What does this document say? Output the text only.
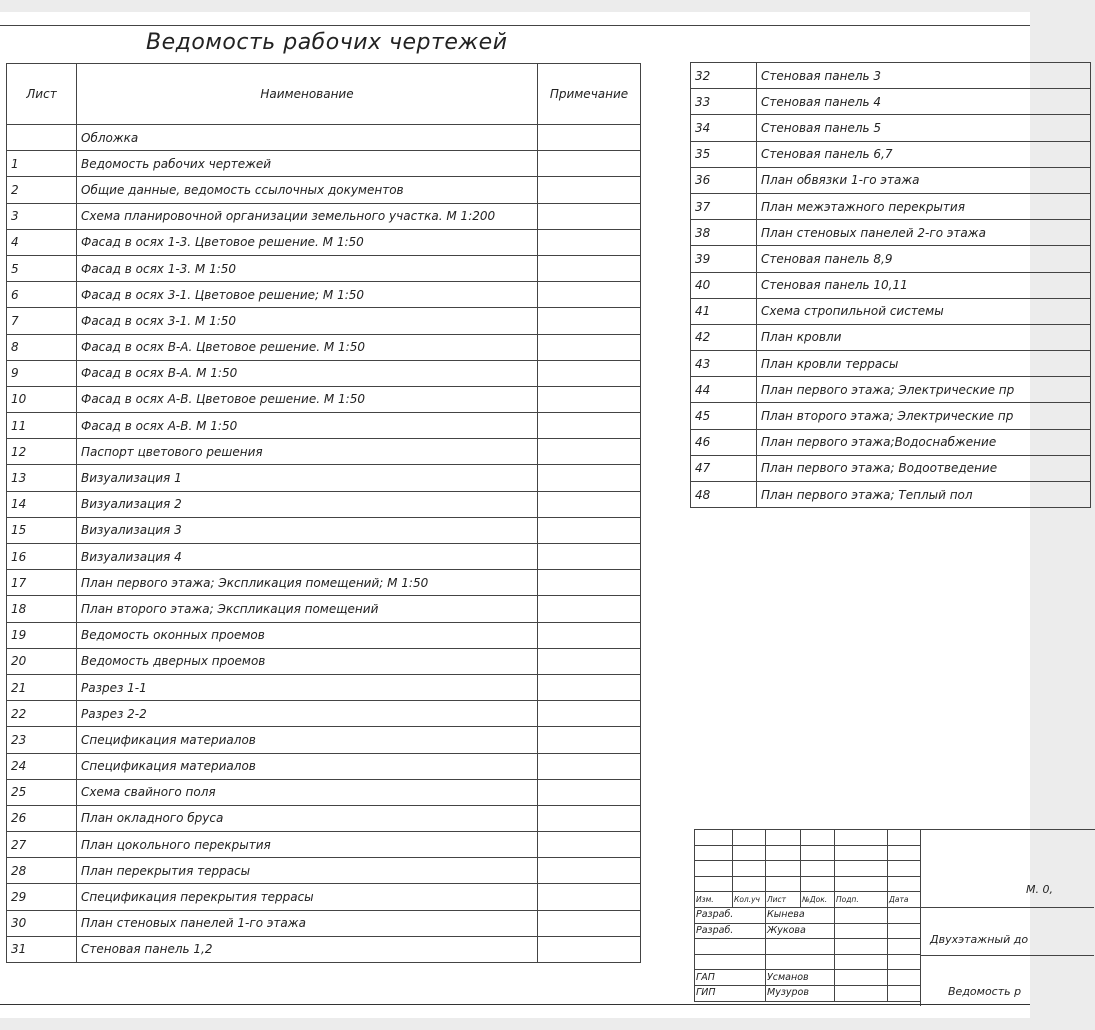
Ведомость рабочих чертежей
Лист	Наименование	Примечание
	Обложка	
1	Ведомость рабочих чертежей	
2	Общие данные, ведомость ссылочных документов	
3	Схема планировочной организации земельного участка. М 1:200	
4	Фасад в осях 1-3. Цветовое решение. М 1:50	
5	Фасад в осях 1-3. М 1:50	
6	Фасад в осях 3-1. Цветовое решение; М 1:50	
7	Фасад в осях 3-1. М 1:50	
8	Фасад в осях В-А. Цветовое решение. М 1:50	
9	Фасад в осях В-А. М 1:50	
10	Фасад в осях А-В. Цветовое решение. М 1:50	
11	Фасад в осях А-В. М 1:50	
12	Паспорт цветового решения	
13	Визуализация 1	
14	Визуализация 2	
15	Визуализация 3	
16	Визуализация 4	
17	План первого этажа; Экспликация помещений; М 1:50	
18	План второго этажа; Экспликация помещений	
19	Ведомость оконных проемов	
20	Ведомость дверных проемов	
21	Разрез 1-1	
22	Разрез 2-2	
23	Спецификация материалов	
24	Спецификация материалов	
25	Схема свайного поля	
26	План окладного бруса	
27	План цокольного перекрытия	
28	План перекрытия террасы	
29	Спецификация перекрытия террасы	
30	План стеновых панелей 1-го этажа	
31	Стеновая панель 1,2	
32	Стеновая панель 3
33	Стеновая панель 4
34	Стеновая панель 5
35	Стеновая панель 6,7
36	План обвязки 1-го этажа
37	План межэтажного перекрытия
38	План стеновых панелей 2-го этажа
39	Стеновая панель 8,9
40	Стеновая панель 10,11
41	Схема стропильной системы
42	План кровли
43	План кровли террасы
44	План первого этажа; Электрические пр
45	План второго этажа; Электрические пр
46	План первого этажа;Водоснабжение
47	План первого этажа; Водоотведение
48	План первого этажа; Теплый пол

Изм.	Кол.уч	Лист	№Док.	Подп.	Дата
Разраб.		Кынева			
Разраб.		Жукова			

ГАП		Усманов			
ГИП		Музуров			
М. 0,
Двухэтажный до
Ведомость р
